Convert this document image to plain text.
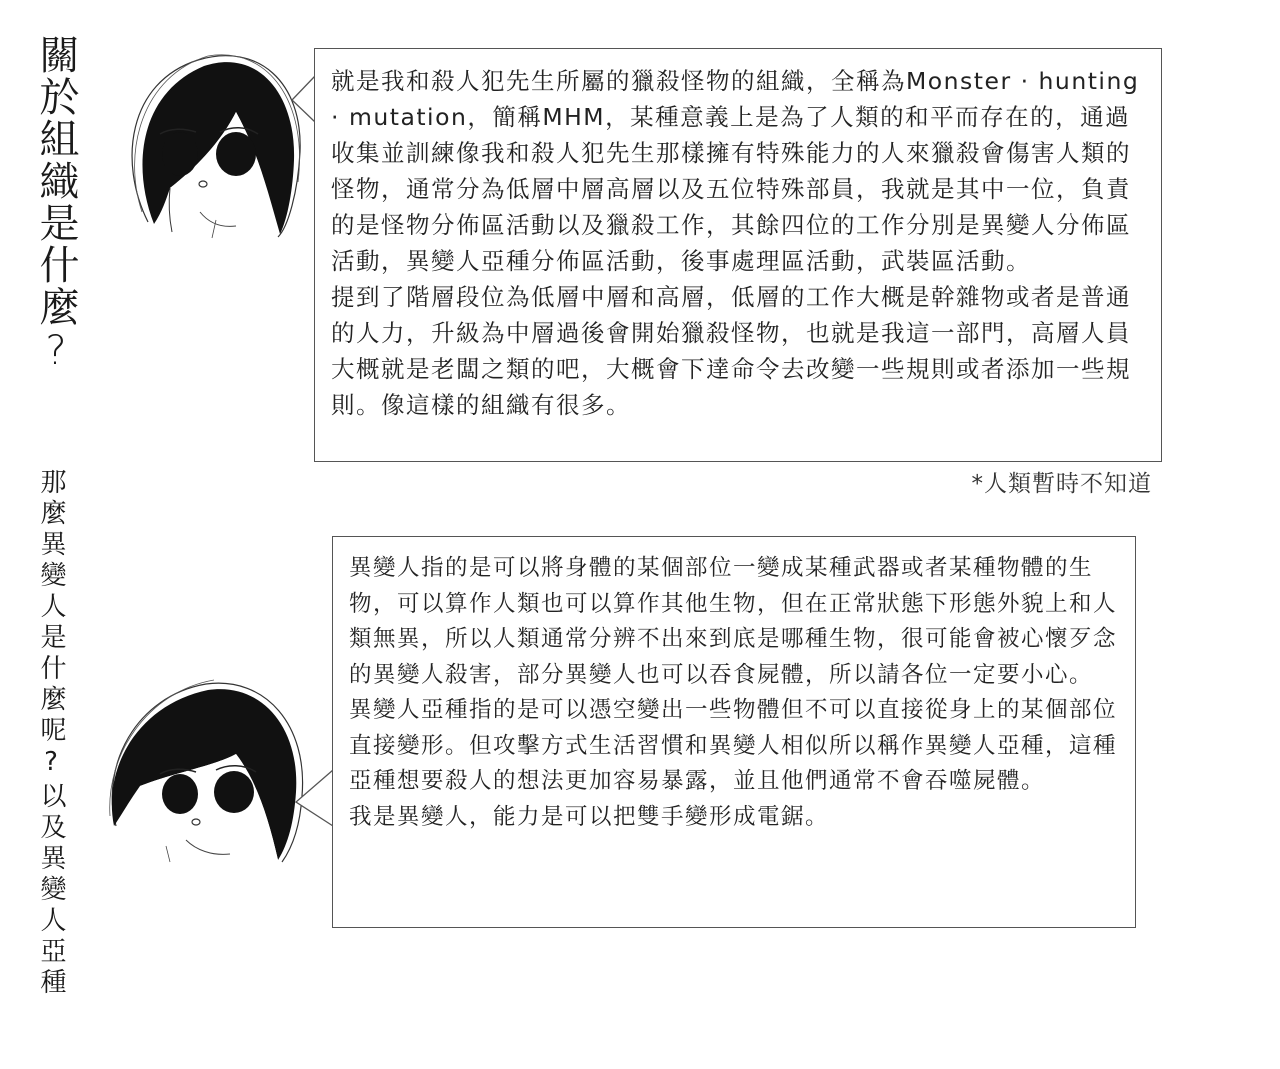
關於組織是什麼?	就是我和殺人犯先生所屬的獵殺怪物的組織，全稱為Monster · hunting · mutation，簡稱MHM，某種意義上是為了人類的和平而存在的，通過收集並訓練像我和殺人犯先生那樣擁有特殊能力的人來獵殺會傷害人類的怪物，通常分為低層中層高層以及五位特殊部員，我就是其中一位，負責的是怪物分佈區活動以及獵殺工作，其餘四位的工作分別是異變人分佈區活動，異變人亞種分佈區活動，後事處理區活動，武裝區活動。

提到了階層段位為低層中層和高層，低層的工作大概是幹雜物或者是普通的人力，升級為中層過後會開始獵殺怪物，也就是我這一部門，高層人員大概就是老闆之類的吧，大概會下達命令去改變一些規則或者添加一些規則。像這樣的組織有很多。

*人類暫時不知道

那麼異變人是什麼呢?以及異變人亞種	異變人指的是可以將身體的某個部位一變成某種武器或者某種物體的生物，可以算作人類也可以算作其他生物，但在正常狀態下形態外貌上和人類無異，所以人類通常分辨不出來到底是哪種生物，很可能會被心懷歹念的異變人殺害，部分異變人也可以吞食屍體，所以請各位一定要小心。

異變人亞種指的是可以憑空變出一些物體但不可以直接從身上的某個部位直接變形。但攻擊方式生活習慣和異變人相似所以稱作異變人亞種，這種亞種想要殺人的想法更加容易暴露，並且他們通常不會吞噬屍體。

我是異變人，能力是可以把雙手變形成電鋸。
